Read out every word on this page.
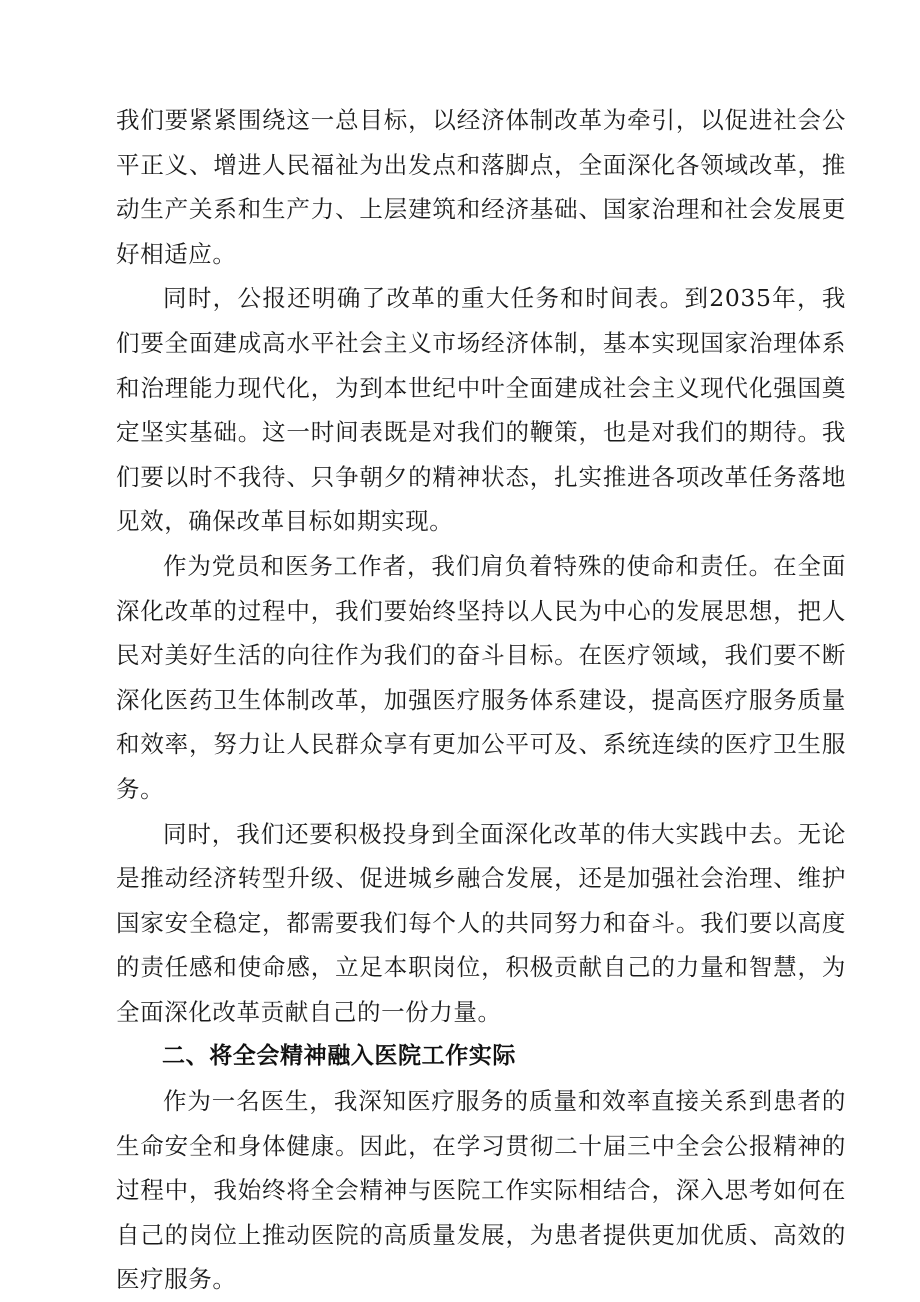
我们要紧紧围绕这一总目标，以经济体制改革为牵引，以促进社会公平正义、增进人民福祉为出发点和落脚点，全面深化各领域改革，推动生产关系和生产力、上层建筑和经济基础、国家治理和社会发展更好相适应。

同时，公报还明确了改革的重大任务和时间表。到2035年，我们要全面建成高水平社会主义市场经济体制，基本实现国家治理体系和治理能力现代化，为到本世纪中叶全面建成社会主义现代化强国奠定坚实基础。这一时间表既是对我们的鞭策，也是对我们的期待。我们要以时不我待、只争朝夕的精神状态，扎实推进各项改革任务落地见效，确保改革目标如期实现。

作为党员和医务工作者，我们肩负着特殊的使命和责任。在全面深化改革的过程中，我们要始终坚持以人民为中心的发展思想，把人民对美好生活的向往作为我们的奋斗目标。在医疗领域，我们要不断深化医药卫生体制改革，加强医疗服务体系建设，提高医疗服务质量和效率，努力让人民群众享有更加公平可及、系统连续的医疗卫生服务。

同时，我们还要积极投身到全面深化改革的伟大实践中去。无论是推动经济转型升级、促进城乡融合发展，还是加强社会治理、维护国家安全稳定，都需要我们每个人的共同努力和奋斗。我们要以高度的责任感和使命感，立足本职岗位，积极贡献自己的力量和智慧，为全面深化改革贡献自己的一份力量。

二、将全会精神融入医院工作实际

作为一名医生，我深知医疗服务的质量和效率直接关系到患者的生命安全和身体健康。因此，在学习贯彻二十届三中全会公报精神的过程中，我始终将全会精神与医院工作实际相结合，深入思考如何在自己的岗位上推动医院的高质量发展，为患者提供更加优质、高效的医疗服务。
